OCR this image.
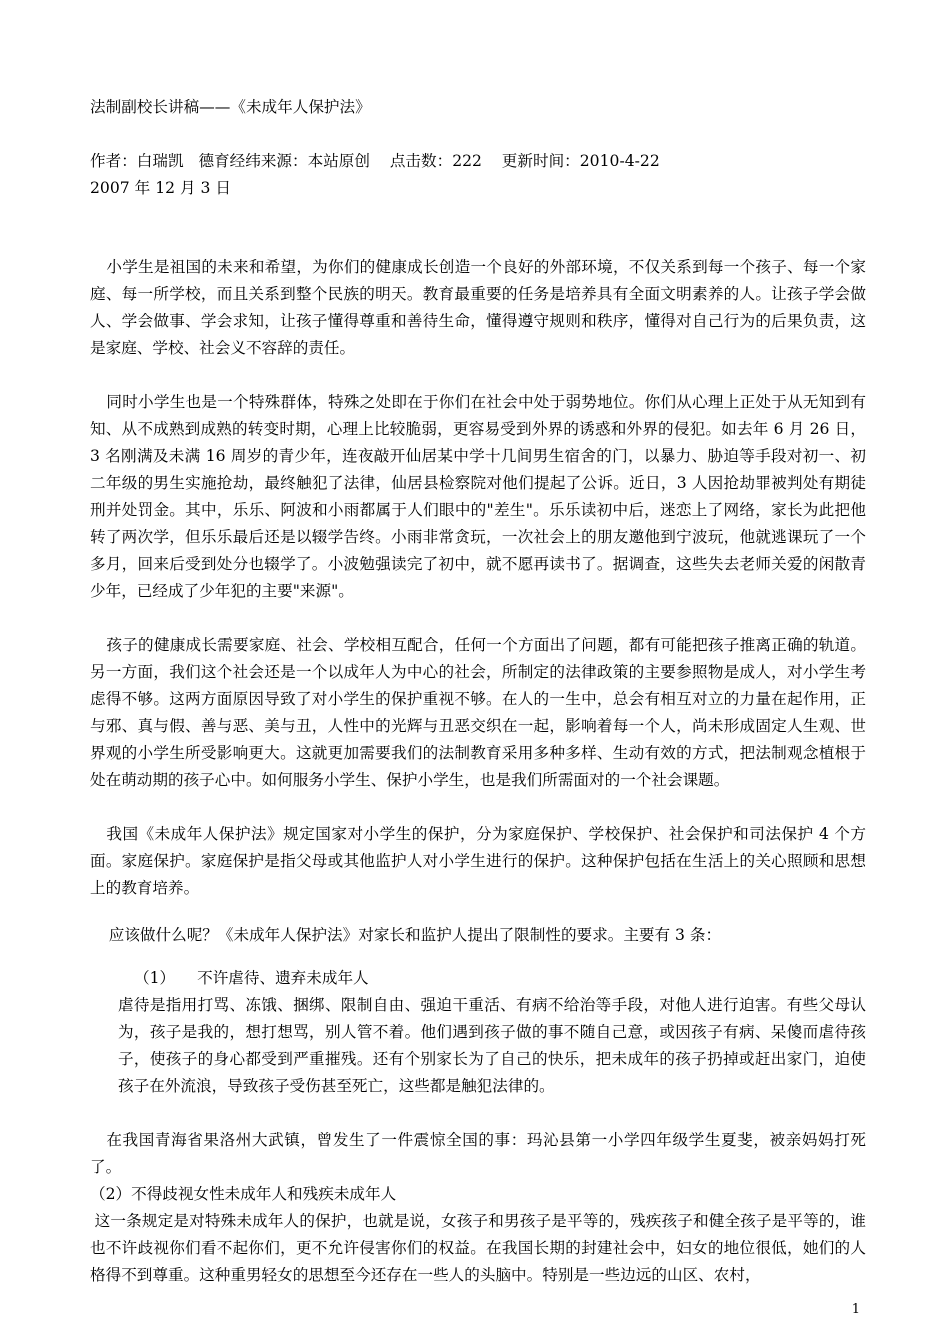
法制副校长讲稿——《未成年人保护法》

作者：白瑞凯 德育经纬来源：本站原创 点击数：222 更新时间：2010-4-22

2007 年 12 月 3 日

小学生是祖国的未来和希望，为你们的健康成长创造一个良好的外部环境，不仅关系到每一个孩子、每一个家庭、每一所学校，而且关系到整个民族的明天。教育最重要的任务是培养具有全面文明素养的人。让孩子学会做人、学会做事、学会求知，让孩子懂得尊重和善待生命，懂得遵守规则和秩序，懂得对自己行为的后果负责，这是家庭、学校、社会义不容辞的责任。

同时小学生也是一个特殊群体，特殊之处即在于你们在社会中处于弱势地位。你们从心理上正处于从无知到有知、从不成熟到成熟的转变时期，心理上比较脆弱，更容易受到外界的诱惑和外界的侵犯。如去年 6 月 26 日，3 名刚满及未满 16 周岁的青少年，连夜敲开仙居某中学十几间男生宿舍的门，以暴力、胁迫等手段对初一、初二年级的男生实施抢劫，最终触犯了法律，仙居县检察院对他们提起了公诉。近日，3 人因抢劫罪被判处有期徒刑并处罚金。其中，乐乐、阿波和小雨都属于人们眼中的"差生"。乐乐读初中后，迷恋上了网络，家长为此把他转了两次学，但乐乐最后还是以辍学告终。小雨非常贪玩，一次社会上的朋友邀他到宁波玩，他就逃课玩了一个多月，回来后受到处分也辍学了。小波勉强读完了初中，就不愿再读书了。据调查，这些失去老师关爱的闲散青少年，已经成了少年犯的主要"来源"。

孩子的健康成长需要家庭、社会、学校相互配合，任何一个方面出了问题，都有可能把孩子推离正确的轨道。另一方面，我们这个社会还是一个以成年人为中心的社会，所制定的法律政策的主要参照物是成人，对小学生考虑得不够。这两方面原因导致了对小学生的保护重视不够。在人的一生中，总会有相互对立的力量在起作用，正与邪、真与假、善与恶、美与丑，人性中的光辉与丑恶交织在一起，影响着每一个人，尚未形成固定人生观、世界观的小学生所受影响更大。这就更加需要我们的法制教育采用多种多样、生动有效的方式，把法制观念植根于处在萌动期的孩子心中。如何服务小学生、保护小学生，也是我们所需面对的一个社会课题。

我国《未成年人保护法》规定国家对小学生的保护，分为家庭保护、学校保护、社会保护和司法保护 4 个方面。家庭保护。家庭保护是指父母或其他监护人对小学生进行的保护。这种保护包括在生活上的关心照顾和思想上的教育培养。

应该做什么呢？《未成年人保护法》对家长和监护人提出了限制性的要求。主要有 3 条：

（1） 不许虐待、遗弃未成年人

虐待是指用打骂、冻饿、捆绑、限制自由、强迫干重活、有病不给治等手段，对他人进行迫害。有些父母认为，孩子是我的，想打想骂，别人管不着。他们遇到孩子做的事不随自己意，或因孩子有病、呆傻而虐待孩子，使孩子的身心都受到严重摧残。还有个别家长为了自己的快乐，把未成年的孩子扔掉或赶出家门，迫使孩子在外流浪，导致孩子受伤甚至死亡，这些都是触犯法律的。

在我国青海省果洛州大武镇，曾发生了一件震惊全国的事：玛沁县第一小学四年级学生夏斐，被亲妈妈打死了。

（2）不得歧视女性未成年人和残疾未成年人

这一条规定是对特殊未成年人的保护，也就是说，女孩子和男孩子是平等的，残疾孩子和健全孩子是平等的，谁也不许歧视你们看不起你们，更不允许侵害你们的权益。在我国长期的封建社会中，妇女的地位很低，她们的人格得不到尊重。这种重男轻女的思想至今还存在一些人的头脑中。特别是一些边远的山区、农村，

1
